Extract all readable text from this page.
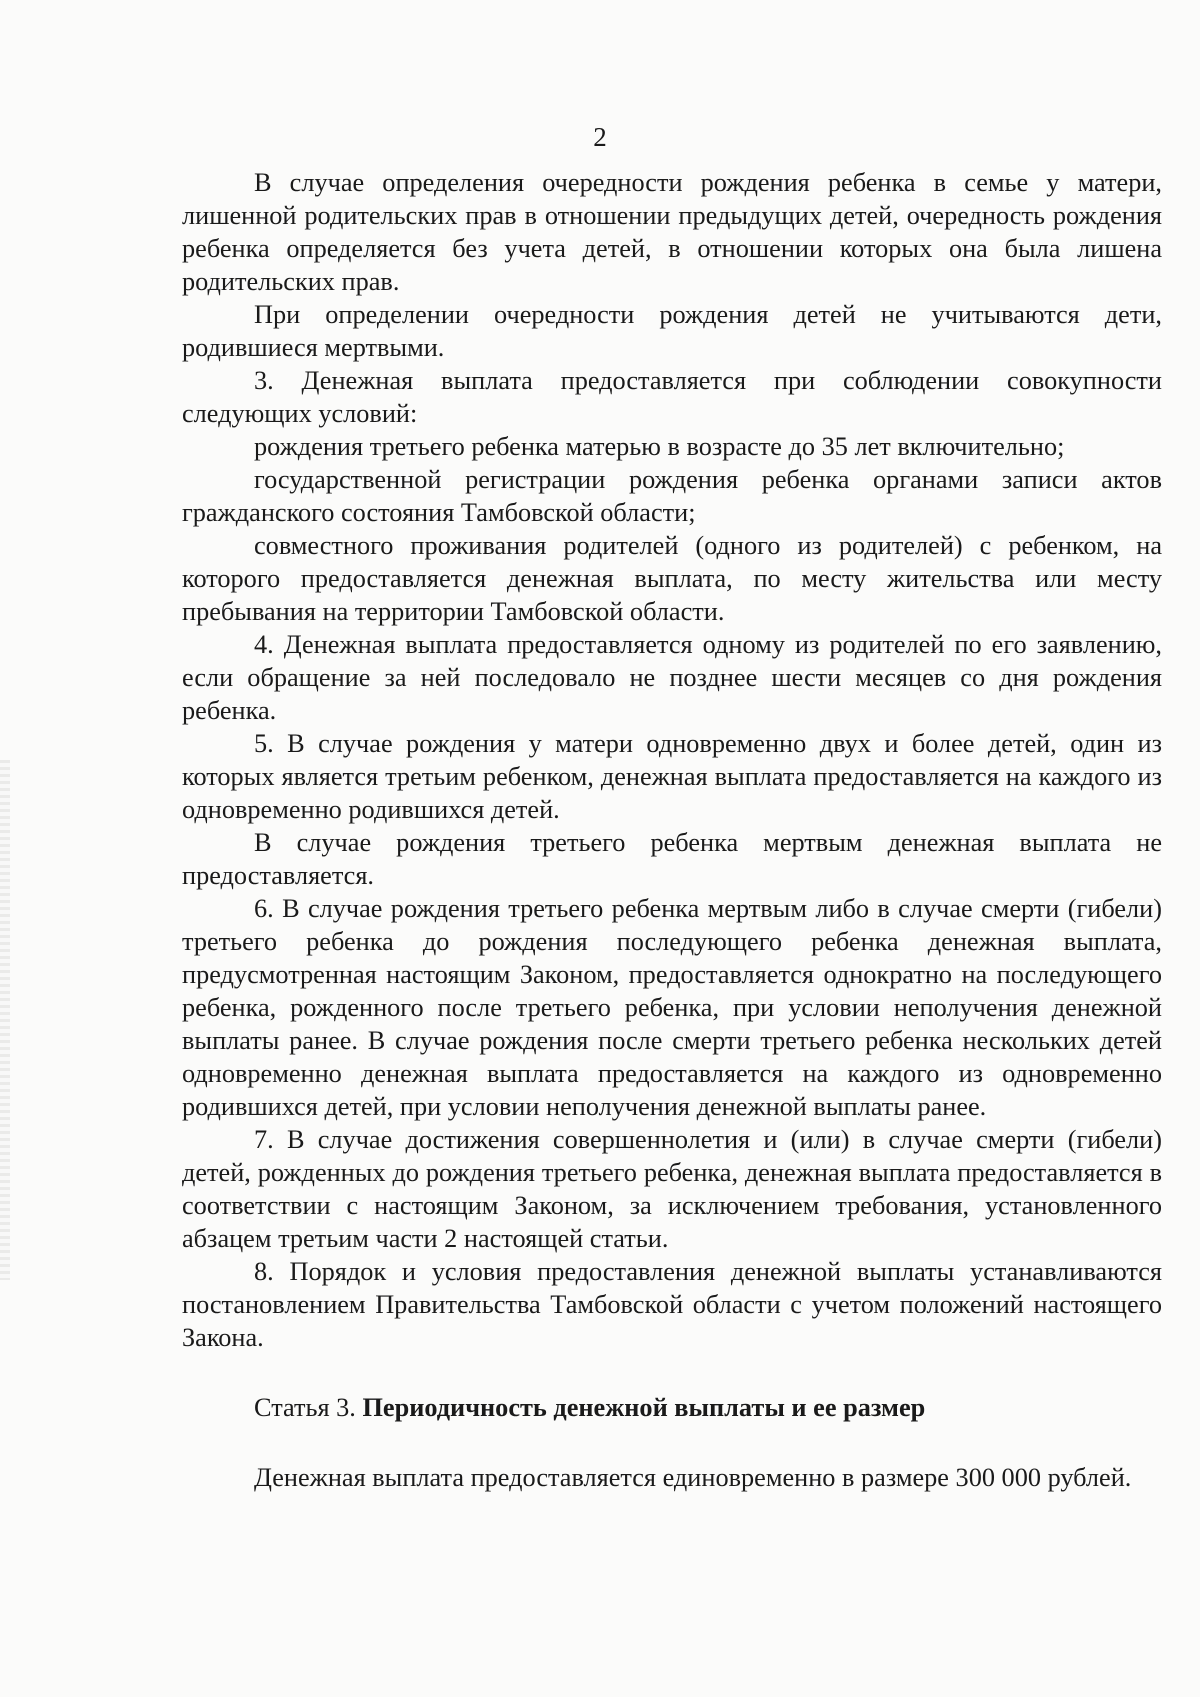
2

В случае определения очередности рождения ребенка в семье у матери, лишенной родительских прав в отношении предыдущих детей, очередность рождения ребенка определяется без учета детей, в отношении которых она была лишена родительских прав.

При определении очередности рождения детей не учитываются дети, родившиеся мертвыми.

3. Денежная выплата предоставляется при соблюдении совокупности следующих условий:

рождения третьего ребенка матерью в возрасте до 35 лет включительно;

государственной регистрации рождения ребенка органами записи актов гражданского состояния Тамбовской области;

совместного проживания родителей (одного из родителей) с ребенком, на которого предоставляется денежная выплата, по месту жительства или месту пребывания на территории Тамбовской области.

4. Денежная выплата предоставляется одному из родителей по его заявлению, если обращение за ней последовало не позднее шести месяцев со дня рождения ребенка.

5. В случае рождения у матери одновременно двух и более детей, один из которых является третьим ребенком, денежная выплата предоставляется на каждого из одновременно родившихся детей.

В случае рождения третьего ребенка мертвым денежная выплата не предоставляется.

6. В случае рождения третьего ребенка мертвым либо в случае смерти (гибели) третьего ребенка до рождения последующего ребенка денежная выплата, предусмотренная настоящим Законом, предоставляется однократно на последующего ребенка, рожденного после третьего ребенка, при условии неполучения денежной выплаты ранее. В случае рождения после смерти третьего ребенка нескольких детей одновременно денежная выплата предоставляется на каждого из одновременно родившихся детей, при условии неполучения денежной выплаты ранее.

7. В случае достижения совершеннолетия и (или) в случае смерти (гибели) детей, рожденных до рождения третьего ребенка, денежная выплата предоставляется в соответствии с настоящим Законом, за исключением требования, установленного абзацем третьим части 2 настоящей статьи.

8. Порядок и условия предоставления денежной выплаты устанавливаются постановлением Правительства Тамбовской области с учетом положений настоящего Закона.

Статья 3. Периодичность денежной выплаты и ее размер

Денежная выплата предоставляется единовременно в размере 300 000 рублей.
